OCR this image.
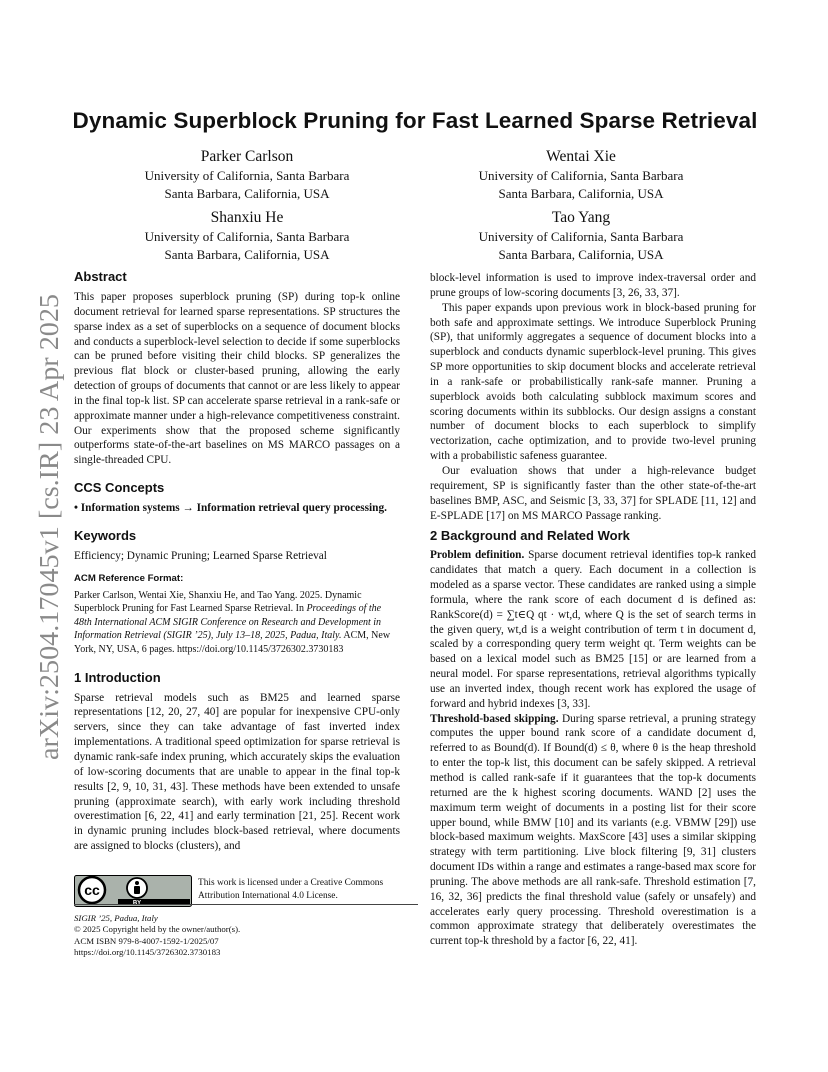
arXiv:2504.17045v1 [cs.IR] 23 Apr 2025
Dynamic Superblock Pruning for Fast Learned Sparse Retrieval
Parker Carlson
University of California, Santa Barbara
Santa Barbara, California, USA
Wentai Xie
University of California, Santa Barbara
Santa Barbara, California, USA
Shanxiu He
University of California, Santa Barbara
Santa Barbara, California, USA
Tao Yang
University of California, Santa Barbara
Santa Barbara, California, USA
Abstract

This paper proposes superblock pruning (SP) during top-k online document retrieval for learned sparse representations. SP structures the sparse index as a set of superblocks on a sequence of document blocks and conducts a superblock-level selection to decide if some superblocks can be pruned before visiting their child blocks. SP generalizes the previous flat block or cluster-based pruning, allowing the early detection of groups of documents that cannot or are less likely to appear in the final top-k list. SP can accelerate sparse retrieval in a rank-safe or approximate manner under a high-relevance competitiveness constraint. Our experiments show that the proposed scheme significantly outperforms state-of-the-art baselines on MS MARCO passages on a single-threaded CPU.

CCS Concepts

• Information systems → Information retrieval query processing.

Keywords

Efficiency; Dynamic Pruning; Learned Sparse Retrieval

ACM Reference Format:

Parker Carlson, Wentai Xie, Shanxiu He, and Tao Yang. 2025. Dynamic Superblock Pruning for Fast Learned Sparse Retrieval. In Proceedings of the 48th International ACM SIGIR Conference on Research and Development in Information Retrieval (SIGIR ’25), July 13–18, 2025, Padua, Italy. ACM, New York, NY, USA, 6 pages. https://doi.org/10.1145/3726302.3730183

1 Introduction

Sparse retrieval models such as BM25 and learned sparse representations [12, 20, 27, 40] are popular for inexpensive CPU-only servers, since they can take advantage of fast inverted index implementations. A traditional speed optimization for sparse retrieval is dynamic rank-safe index pruning, which accurately skips the evaluation of low-scoring documents that are unable to appear in the final top-k results [2, 9, 10, 31, 43]. These methods have been extended to unsafe pruning (approximate search), with early work including threshold overestimation [6, 22, 41] and early termination [21, 25]. Recent work in dynamic pruning includes block-based retrieval, where documents are assigned to blocks (clusters), and

cc
BY
This work is licensed under a Creative Commons Attribution International 4.0 License.

SIGIR ’25, Padua, Italy

© 2025 Copyright held by the owner/author(s).

ACM ISBN 979-8-4007-1592-1/2025/07

https://doi.org/10.1145/3726302.3730183

block-level information is used to improve index-traversal order and prune groups of low-scoring documents [3, 26, 33, 37].

This paper expands upon previous work in block-based pruning for both safe and approximate settings. We introduce Superblock Pruning (SP), that uniformly aggregates a sequence of document blocks into a superblock and conducts dynamic superblock-level pruning. This gives SP more opportunities to skip document blocks and accelerate retrieval in a rank-safe or probabilistically rank-safe manner. Pruning a superblock avoids both calculating subblock maximum scores and scoring documents within its subblocks. Our design assigns a constant number of document blocks to each superblock to simplify vectorization, cache optimization, and to provide two-level pruning with a probabilistic safeness guarantee.

Our evaluation shows that under a high-relevance budget requirement, SP is significantly faster than the other state-of-the-art baselines BMP, ASC, and Seismic [3, 33, 37] for SPLADE [11, 12] and E-SPLADE [17] on MS MARCO Passage ranking.

2 Background and Related Work

Problem definition. Sparse document retrieval identifies top-k ranked candidates that match a query. Each document in a collection is modeled as a sparse vector. These candidates are ranked using a simple formula, where the rank score of each document d is defined as: RankScore(d) = ∑t∈Q qt · wt,d, where Q is the set of search terms in the given query, wt,d is a weight contribution of term t in document d, scaled by a corresponding query term weight qt. Term weights can be based on a lexical model such as BM25 [15] or are learned from a neural model. For sparse representations, retrieval algorithms typically use an inverted index, though recent work has explored the usage of forward and hybrid indexes [3, 33].

Threshold-based skipping. During sparse retrieval, a pruning strategy computes the upper bound rank score of a candidate document d, referred to as Bound(d). If Bound(d) ≤ θ, where θ is the heap threshold to enter the top-k list, this document can be safely skipped. A retrieval method is called rank-safe if it guarantees that the top-k documents returned are the k highest scoring documents. WAND [2] uses the maximum term weight of documents in a posting list for their score upper bound, while BMW [10] and its variants (e.g. VBMW [29]) use block-based maximum weights. MaxScore [43] uses a similar skipping strategy with term partitioning. Live block filtering [9, 31] clusters document IDs within a range and estimates a range-based max score for pruning. The above methods are all rank-safe. Threshold estimation [7, 16, 32, 36] predicts the final threshold value (safely or unsafely) and accelerates early query processing. Threshold overestimation is a common approximate strategy that deliberately overestimates the current top-k threshold by a factor [6, 22, 41].
